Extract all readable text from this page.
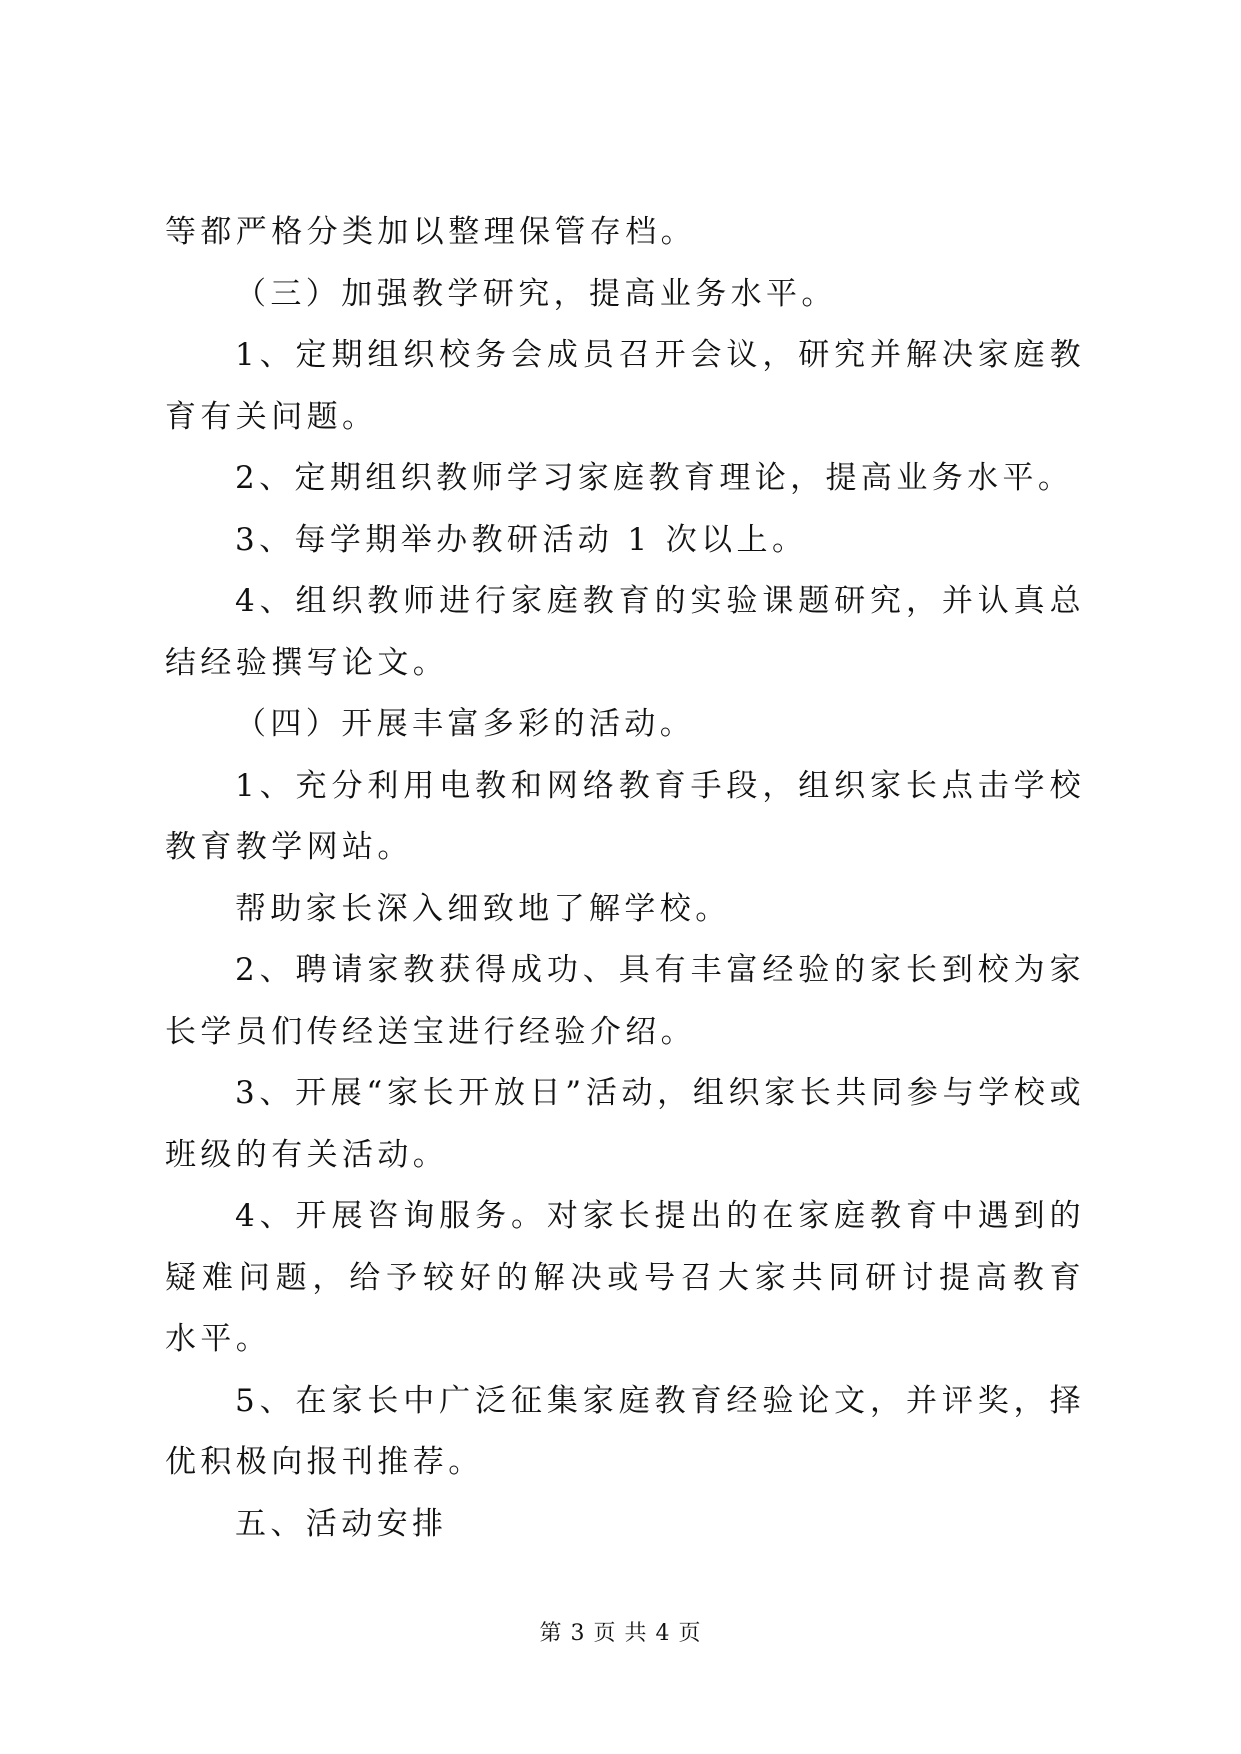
等都严格分类加以整理保管存档。

（三）加强教学研究，提高业务水平。

1、定期组织校务会成员召开会议，研究并解决家庭教育有关问题。

2、定期组织教师学习家庭教育理论，提高业务水平。

3、每学期举办教研活动 1 次以上。

4、组织教师进行家庭教育的实验课题研究，并认真总结经验撰写论文。

（四）开展丰富多彩的活动。

1、充分利用电教和网络教育手段，组织家长点击学校教育教学网站。

帮助家长深入细致地了解学校。

2、聘请家教获得成功、具有丰富经验的家长到校为家长学员们传经送宝进行经验介绍。

3、开展“家长开放日”活动，组织家长共同参与学校或班级的有关活动。

4、开展咨询服务。对家长提出的在家庭教育中遇到的疑难问题，给予较好的解决或号召大家共同研讨提高教育水平。

5、在家长中广泛征集家庭教育经验论文，并评奖，择优积极向报刊推荐。

五、活动安排

第 3 页 共 4 页
